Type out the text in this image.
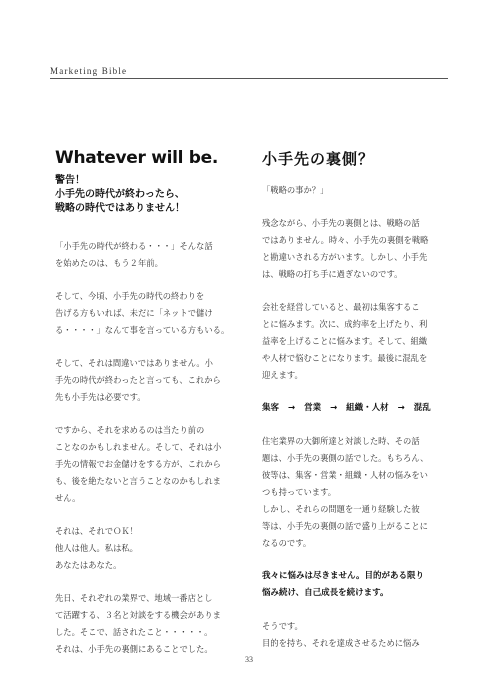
Marketing Bible
Whatever will be.
警告！
小手先の時代が終わったら、
戦略の時代ではありません！
「小手先の時代が終わる・・・」そんな話
を始めたのは、もう２年前。
そして、今頃、小手先の時代の終わりを
告げる方もいれば、未だに「ネットで儲け
る・・・・」なんて事を言っている方もいる。
そして、それは間違いではありません。小
手先の時代が終わったと言っても、これから
先も小手先は必要です。
ですから、それを求めるのは当たり前の
ことなのかもしれません。そして、それは小
手先の情報でお金儲けをする方が、これから
も、後を絶たないと言うことなのかもしれま
せん。
それは、それでＯＫ！
他人は他人。私は私。
あなたはあなた。
先日、それぞれの業界で、地域一番店とし
て活躍する、３名と対談をする機会がありま
した。そこで、話されたこと・・・・・。
それは、小手先の裏側にあることでした。
小手先の裏側？
「戦略の事か？」
残念ながら、小手先の裏側とは、戦略の話
ではありません。時々、小手先の裏側を戦略
と勘違いされる方がいます。しかし、小手先
は、戦略の打ち手に過ぎないのです。
会社を経営していると、最初は集客するこ
とに悩みます。次に、成約率を上げたり、利
益率を上げることに悩みます。そして、組織
や人材で悩むことになります。最後に混乱を
迎えます。
集客 → 営業 → 組織・人材 → 混乱
住宅業界の大御所達と対談した時、その話
題は、小手先の裏側の話でした。もちろん、
彼等は、集客・営業・組織・人材の悩みをい
つも持っています。
しかし、それらの問題を一通り経験した彼
等は、小手先の裏側の話で盛り上がることに
なるのです。
我々に悩みは尽きません。目的がある限り
悩み続け、自己成長を続けます。
そうです。
目的を持ち、それを達成させるために悩み
33
